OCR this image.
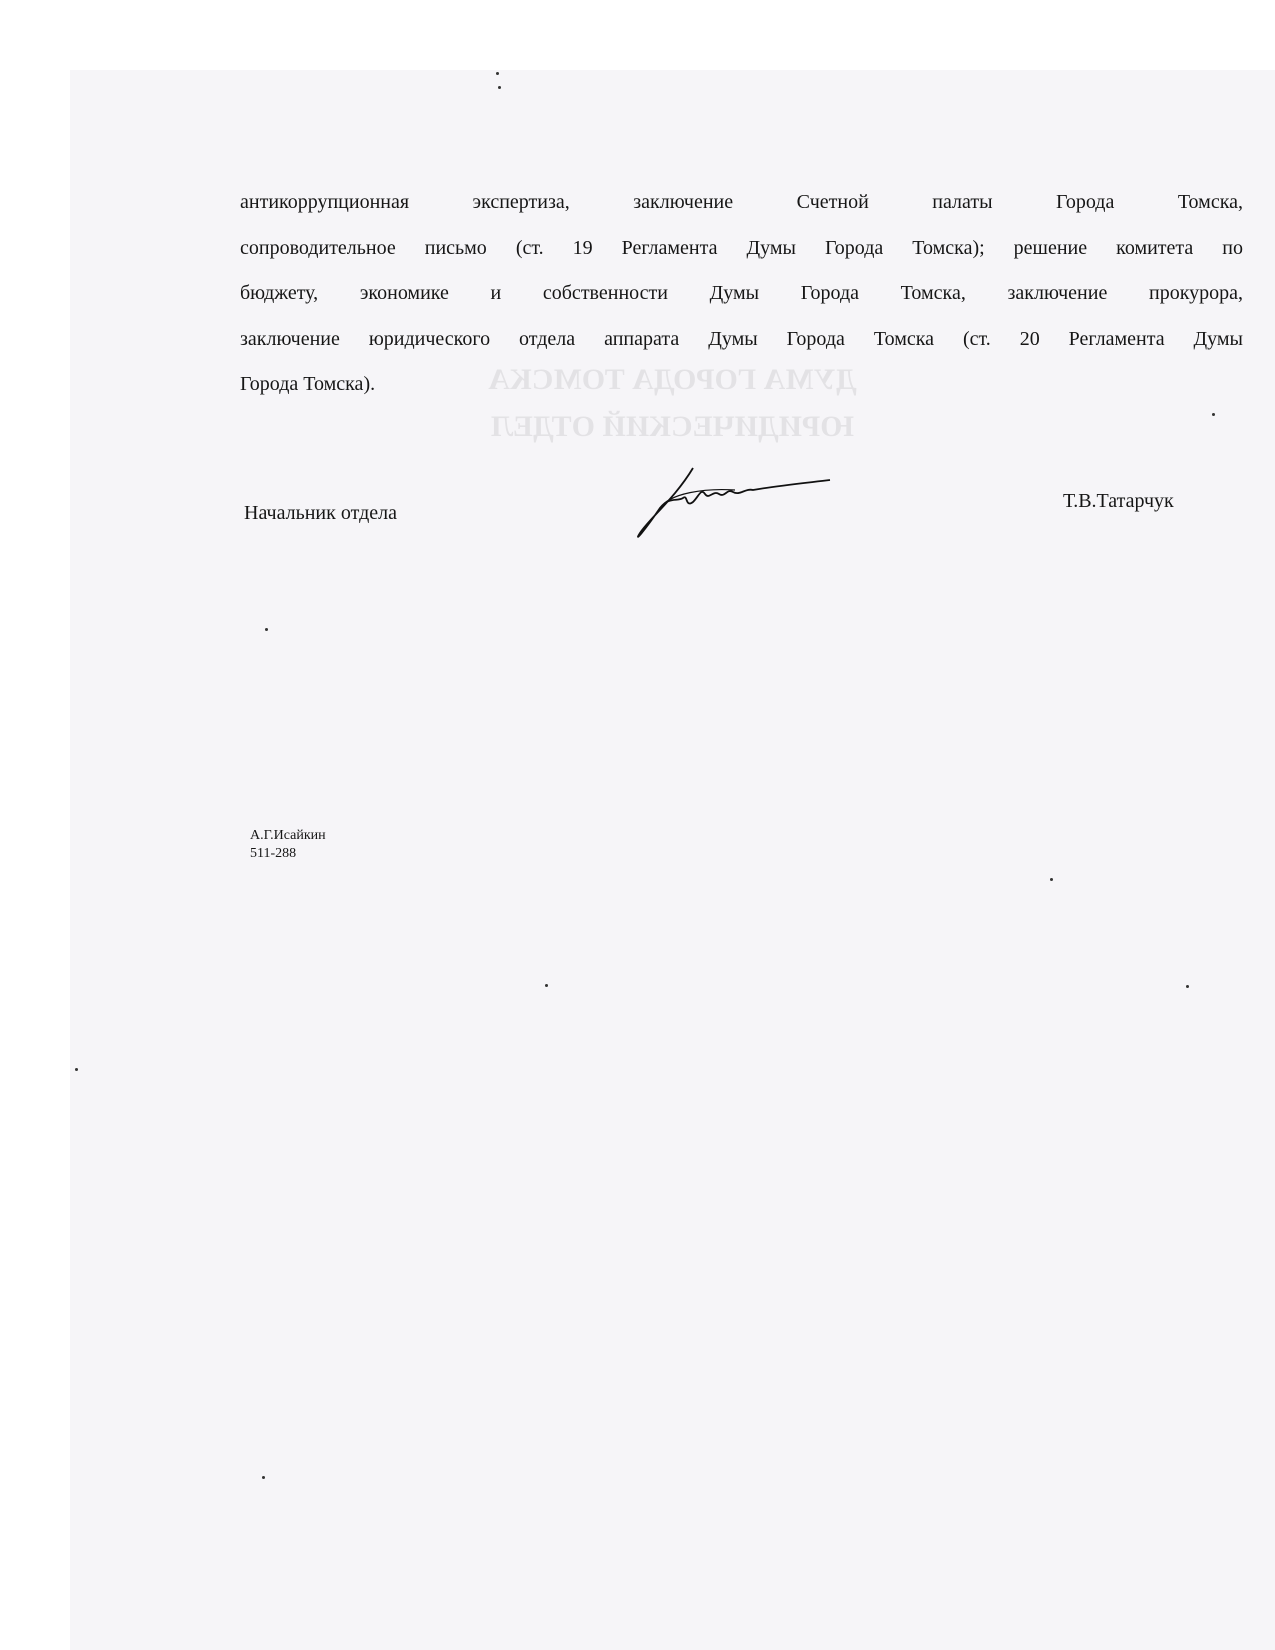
ДУМА ГОРОДА ТОМСКА
ЮРИДИЧЕСКИЙ ОТДЕЛ
антикоррупционная экспертиза, заключение Счетной палаты Города Томска,
сопроводительное письмо (ст. 19 Регламента Думы Города Томска); решение комитета по
бюджету, экономике и собственности Думы Города Томска, заключение прокурора,
заключение юридического отдела аппарата Думы Города Томска (ст. 20 Регламента Думы
Города Томска).
Начальник отдела
Т.В.Татарчук
А.Г.Исайкин
511-288
